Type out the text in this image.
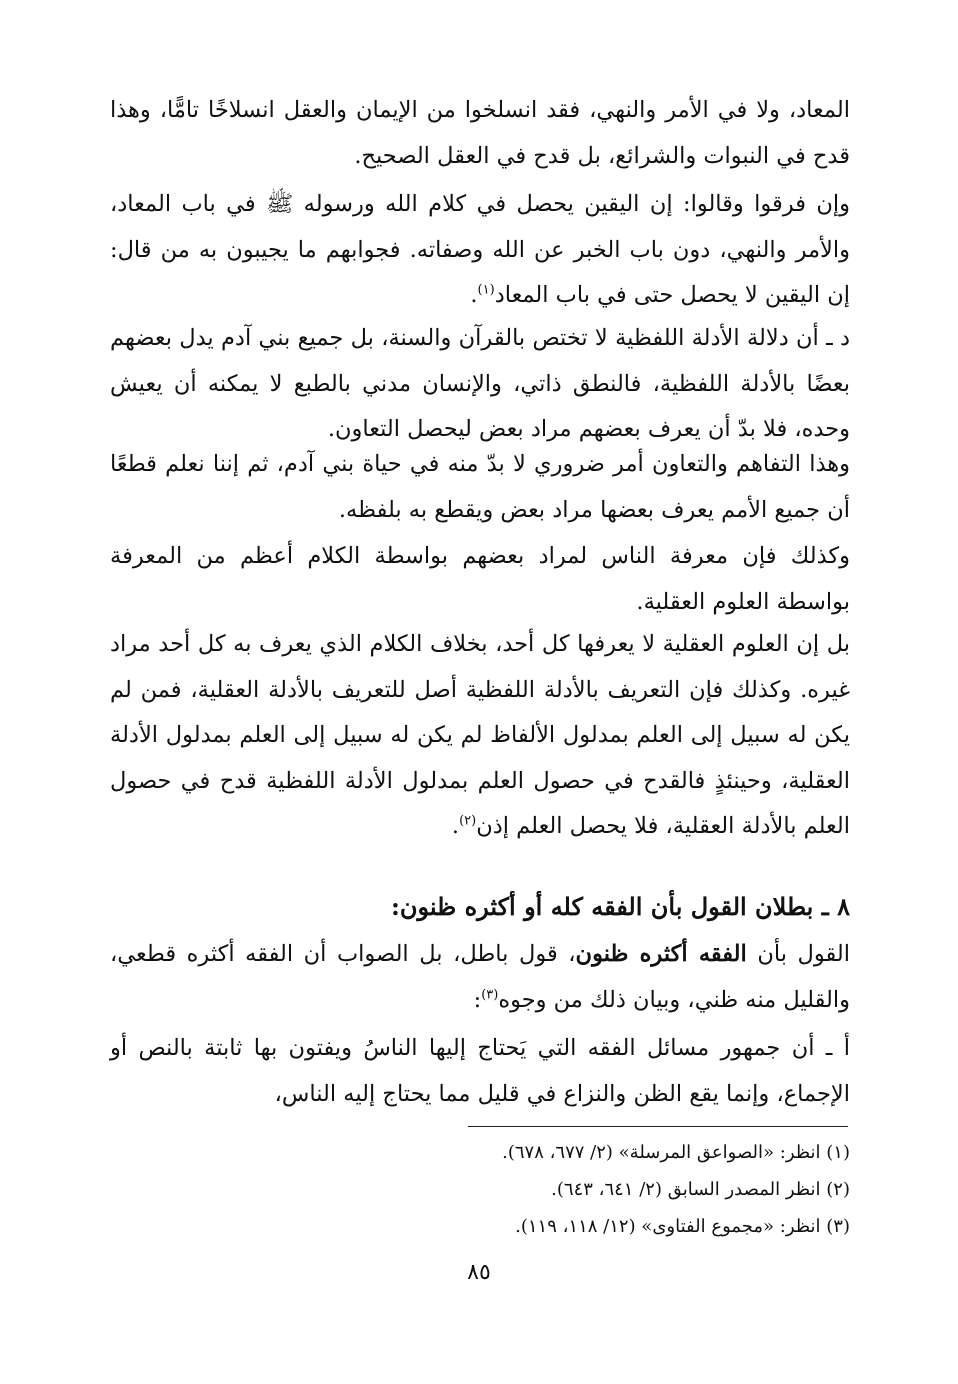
المعاد، ولا في الأمر والنهي، فقد انسلخوا من الإيمان والعقل انسلاخًا تامًّا، وهذا قدح في النبوات والشرائع، بل قدح في العقل الصحيح.
وإن فرقوا وقالوا: إن اليقين يحصل في كلام الله ورسوله ﷺ في باب المعاد، والأمر والنهي، دون باب الخبر عن الله وصفاته. فجوابهم ما يجيبون به من قال: إن اليقين لا يحصل حتى في باب المعاد$^{(١)}$.
د ـ أن دلالة الأدلة اللفظية لا تختص بالقرآن والسنة، بل جميع بني آدم يدل بعضهم بعضًا بالأدلة اللفظية، فالنطق ذاتي، والإنسان مدني بالطبع لا يمكنه أن يعيش وحده، فلا بدّ أن يعرف بعضهم مراد بعض ليحصل التعاون.
وهذا التفاهم والتعاون أمر ضروري لا بدّ منه في حياة بني آدم، ثم إننا نعلم قطعًا أن جميع الأمم يعرف بعضها مراد بعض ويقطع به بلفظه.
وكذلك فإن معرفة الناس لمراد بعضهم بواسطة الكلام أعظم من المعرفة بواسطة العلوم العقلية.
بل إن العلوم العقلية لا يعرفها كل أحد، بخلاف الكلام الذي يعرف به كل أحد مراد غيره. وكذلك فإن التعريف بالأدلة اللفظية أصل للتعريف بالأدلة العقلية، فمن لم يكن له سبيل إلى العلم بمدلول الألفاظ لم يكن له سبيل إلى العلم بمدلول الأدلة العقلية، وحينئذٍ فالقدح في حصول العلم بمدلول الأدلة اللفظية قدح في حصول العلم بالأدلة العقلية، فلا يحصل العلم إذن$^{(٢)}$.
٨ ـ بطلان القول بأن الفقه كله أو أكثره ظنون:
القول بأن الفقه أكثره ظنون، قول باطل، بل الصواب أن الفقه أكثره قطعي، والقليل منه ظني، وبيان ذلك من وجوه$^{(٣)}$:
أ ـ أن جمهور مسائل الفقه التي يَحتاج إليها الناسُ ويفتون بها ثابتة بالنص أو الإجماع، وإنما يقع الظن والنزاع في قليل مما يحتاج إليه الناس،
(١) انظر: «الصواعق المرسلة» (٢/ ٦٧٧، ٦٧٨).
(٢) انظر المصدر السابق (٢/ ٦٤١، ٦٤٣).
(٣) انظر: «مجموع الفتاوى» (١٢/ ١١٨، ١١٩).
٨٥
